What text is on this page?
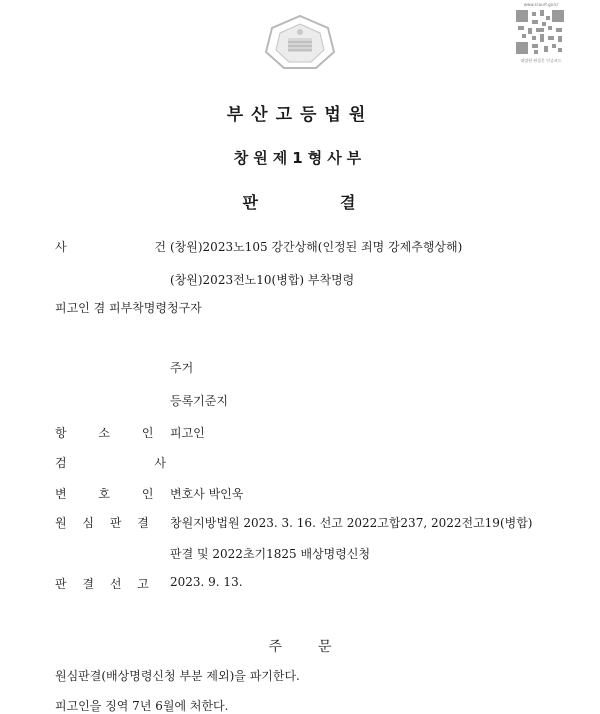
www.scourt.go.kr
대법원 판결문 인증코드
부산고등법원
창원제1형사부
판	결
사 건
(창원)2023노105 강간상해(인정된 죄명 강제추행상해)
(창원)2023전노10(병합) 부착명령
피고인 겸 피부착명령청구자
주거
등록기준지
항 소 인 피고인
검 사
변 호 인 변호사 박인욱
원 심 판 결 창원지방법원 2023. 3. 16. 선고 2022고합237, 2022전고19(병합)
판결 및 2022초기1825 배상명령신청
판 결 선 고 2023. 9. 13.
주	문
원심판결(배상명령신청 부분 제외)을 파기한다.
피고인을 징역 7년 6월에 처한다.
